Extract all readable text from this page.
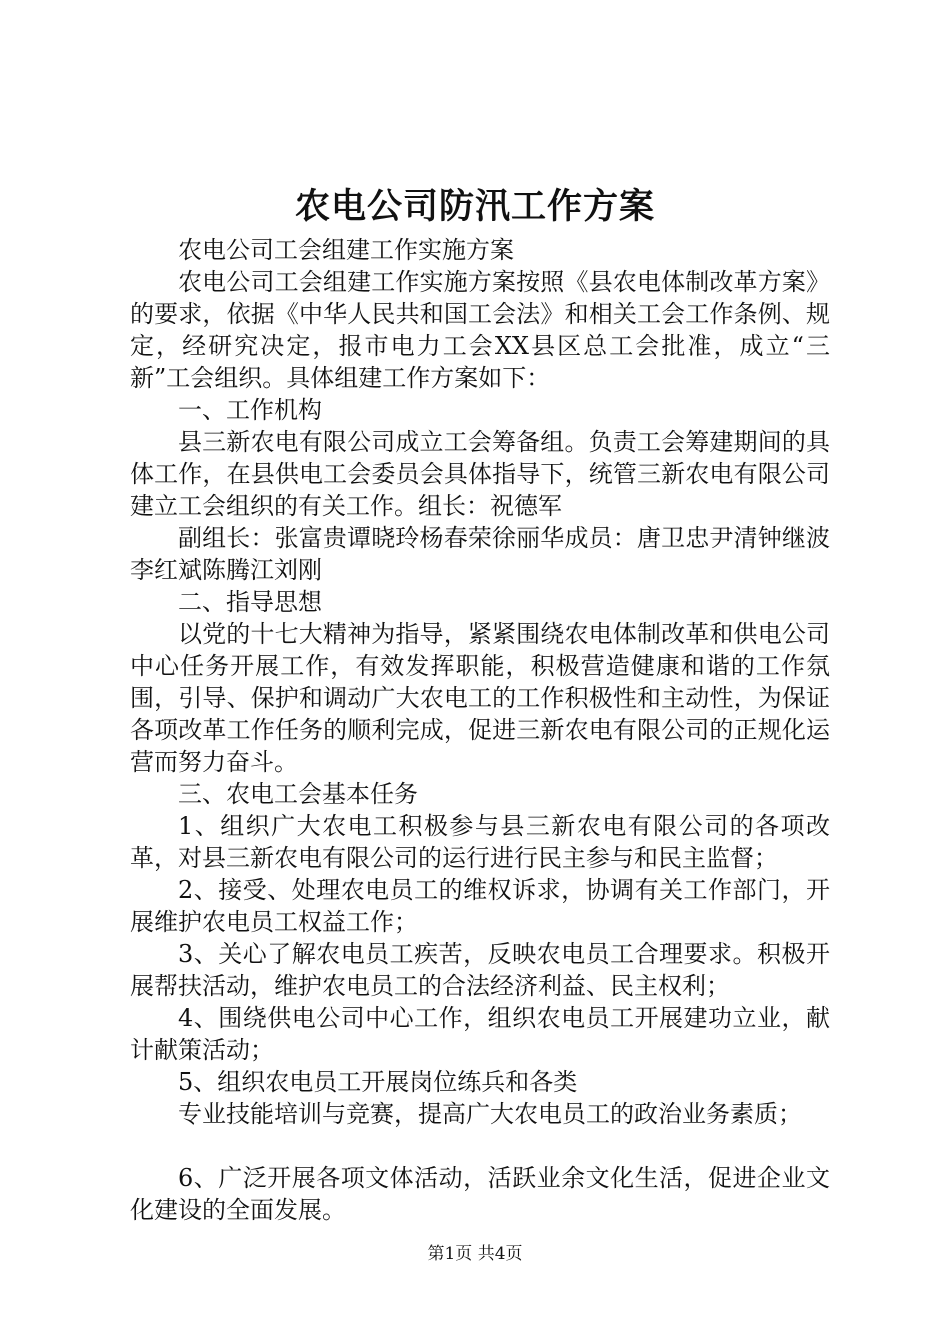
农电公司防汛工作方案

农电公司工会组建工作实施方案

农电公司工会组建工作实施方案按照《县农电体制改革方案》的要求，依据《中华人民共和国工会法》和相关工会工作条例、规定，经研究决定，报市电力工会XX县区总工会批准，成立“三新”工会组织。具体组建工作方案如下：

一、工作机构

县三新农电有限公司成立工会筹备组。负责工会筹建期间的具体工作，在县供电工会委员会具体指导下，统管三新农电有限公司建立工会组织的有关工作。组长：祝德军

副组长：张富贵谭晓玲杨春荣徐丽华成员：唐卫忠尹清钟继波李红斌陈腾江刘刚

二、指导思想

以党的十七大精神为指导，紧紧围绕农电体制改革和供电公司中心任务开展工作，有效发挥职能，积极营造健康和谐的工作氛围，引导、保护和调动广大农电工的工作积极性和主动性，为保证各项改革工作任务的顺利完成，促进三新农电有限公司的正规化运营而努力奋斗。

三、农电工会基本任务

1、组织广大农电工积极参与县三新农电有限公司的各项改革，对县三新农电有限公司的运行进行民主参与和民主监督；

2、接受、处理农电员工的维权诉求，协调有关工作部门，开展维护农电员工权益工作；

3、关心了解农电员工疾苦，反映农电员工合理要求。积极开展帮扶活动，维护农电员工的合法经济利益、民主权利；

4、围绕供电公司中心工作，组织农电员工开展建功立业，献计献策活动；

5、组织农电员工开展岗位练兵和各类

专业技能培训与竞赛，提高广大农电员工的政治业务素质；

6、广泛开展各项文体活动，活跃业余文化生活，促进企业文化建设的全面发展。

第1页 共4页
